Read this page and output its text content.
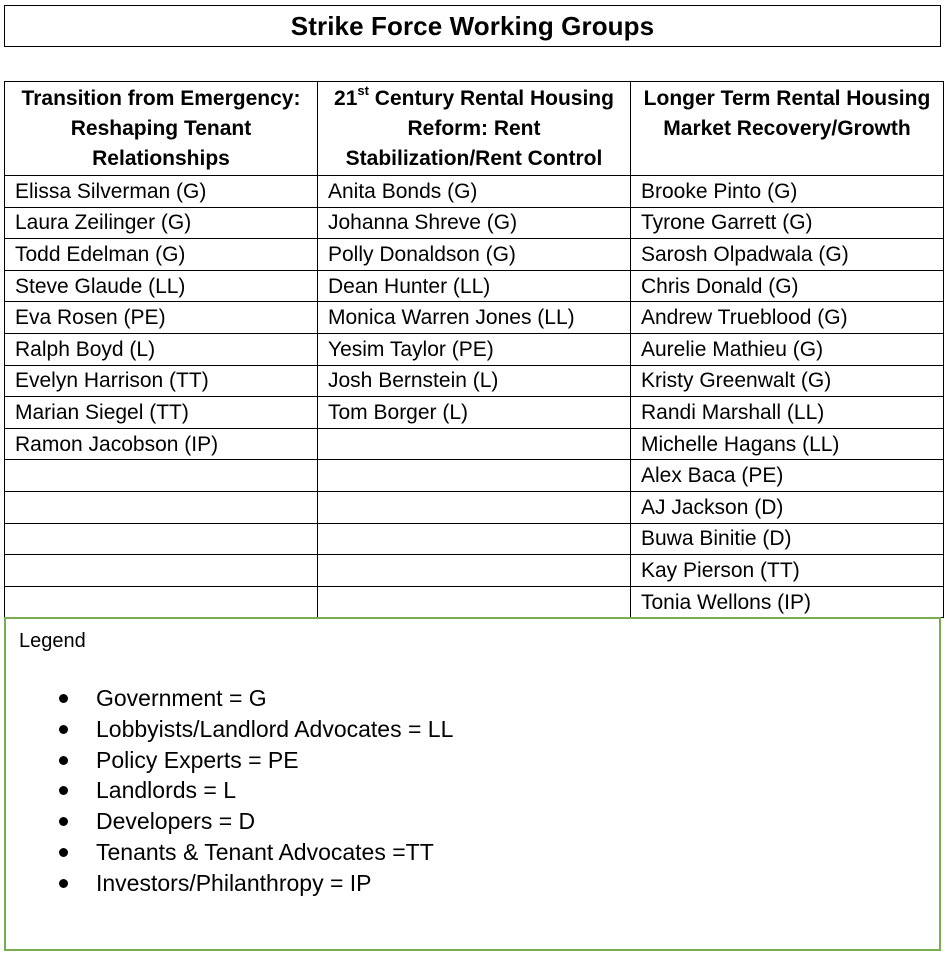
Strike Force Working Groups
Transition from Emergency: Reshaping Tenant Relationships	21st Century Rental Housing Reform: Rent Stabilization/Rent Control	Longer Term Rental Housing Market Recovery/Growth
Elissa Silverman (G)	Anita Bonds (G)	Brooke Pinto (G)
Laura Zeilinger (G)	Johanna Shreve (G)	Tyrone Garrett (G)
Todd Edelman (G)	Polly Donaldson (G)	Sarosh Olpadwala (G)
Steve Glaude (LL)	Dean Hunter (LL)	Chris Donald (G)
Eva Rosen (PE)	Monica Warren Jones (LL)	Andrew Trueblood (G)
Ralph Boyd (L)	Yesim Taylor (PE)	Aurelie Mathieu (G)
Evelyn Harrison (TT)	Josh Bernstein (L)	Kristy Greenwalt (G)
Marian Siegel (TT)	Tom Borger (L)	Randi Marshall (LL)
Ramon Jacobson (IP)		Michelle Hagans (LL)
		Alex Baca (PE)
		AJ Jackson (D)
		Buwa Binitie (D)
		Kay Pierson (TT)
		Tonia Wellons (IP)
Legend
Government = G
Lobbyists/Landlord Advocates = LL
Policy Experts = PE
Landlords = L
Developers = D
Tenants & Tenant Advocates =TT
Investors/Philanthropy = IP
